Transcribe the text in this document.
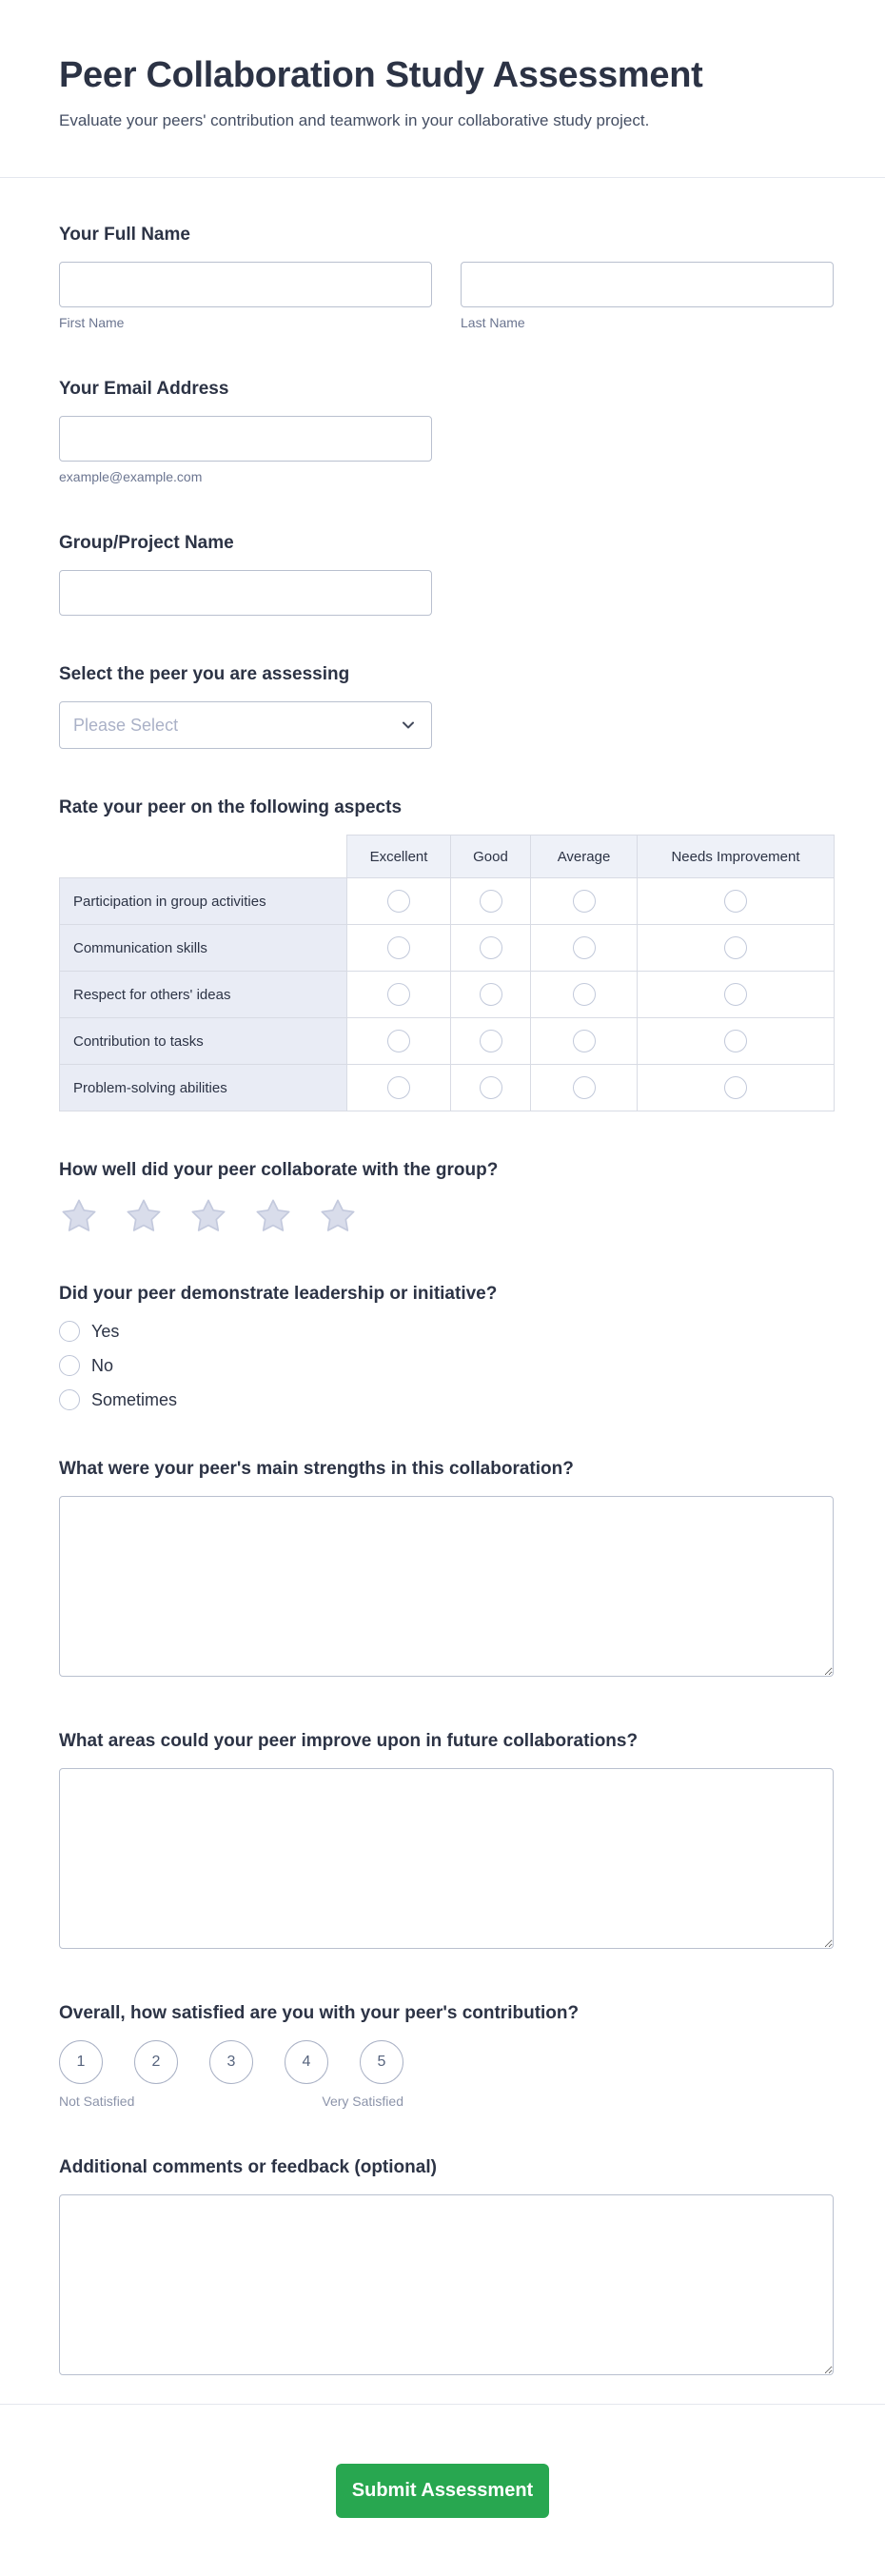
Peer Collaboration Study Assessment

Evaluate your peers' contribution and teamwork in your collaborative study project.

Your Full Name
First Name	Last Name
Your Email Address
example@example.com
Group/Project Name
Select the peer you are assessing
Please Select
Rate your peer on the following aspects
	Excellent	Good	Average	Needs Improvement
Participation in group activities				
Communication skills				
Respect for others' ideas				
Contribution to tasks				
Problem-solving abilities				
How well did your peer collaborate with the group?
Did your peer demonstrate leadership or initiative?
Yes
No
Sometimes
What were your peer's main strengths in this collaboration?
What areas could your peer improve upon in future collaborations?
Overall, how satisfied are you with your peer's contribution?
1	2	3	4	5
Not Satisfied	Very Satisfied
Additional comments or feedback (optional)
Submit Assessment
